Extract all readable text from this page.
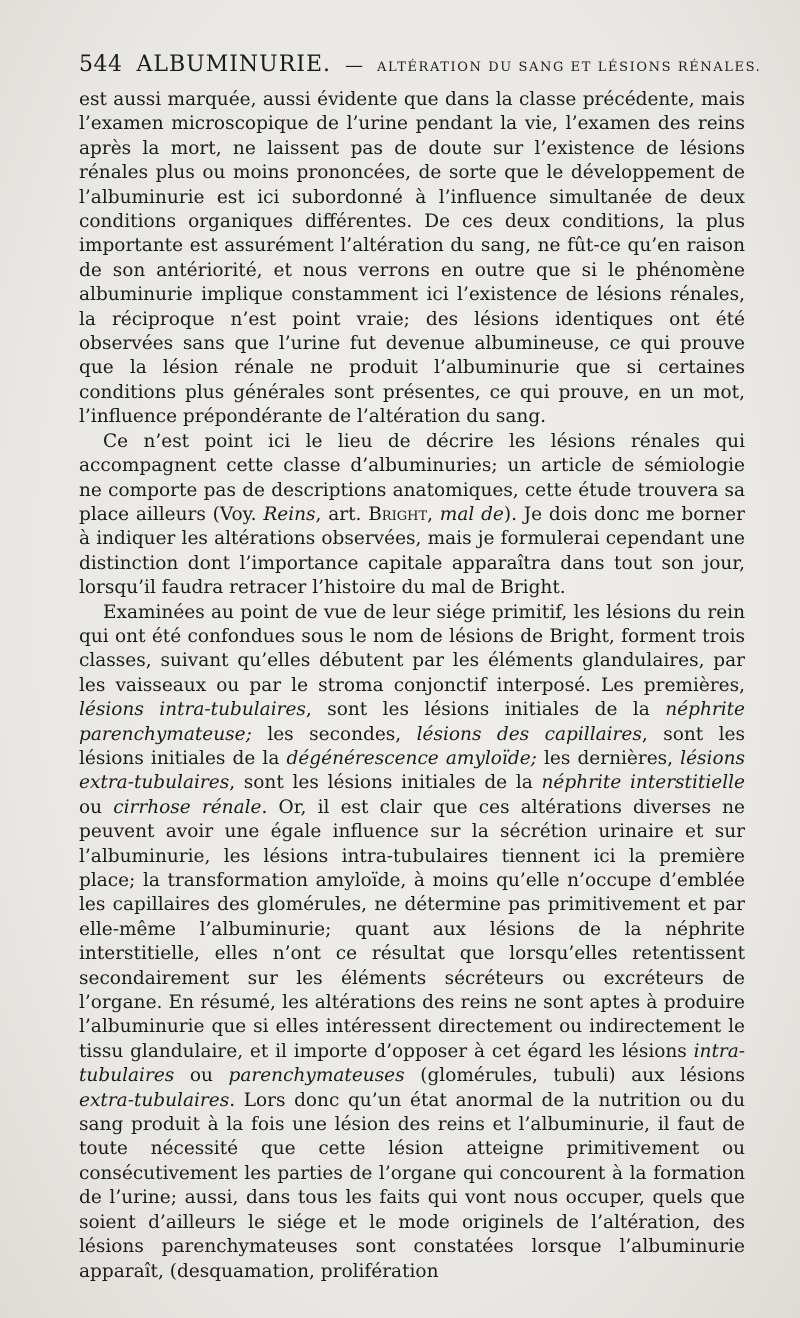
544 ALBUMINURIE. — ALTÉRATION DU SANG ET LÉSIONS RÉNALES.

est aussi marquée, aussi évidente que dans la classe précédente, mais l’examen microscopique de l’urine pendant la vie, l’examen des reins après la mort, ne laissent pas de doute sur l’existence de lésions rénales plus ou moins prononcées, de sorte que le développement de l’albuminurie est ici subordonné à l’influence simultanée de deux conditions organiques différentes. De ces deux conditions, la plus importante est assurément l’altération du sang, ne fût-ce qu’en raison de son antériorité, et nous verrons en outre que si le phénomène albuminurie implique constamment ici l’existence de lésions rénales, la réciproque n’est point vraie; des lésions identiques ont été observées sans que l’urine fut devenue albumineuse, ce qui prouve que la lésion rénale ne produit l’albuminurie que si certaines conditions plus générales sont présentes, ce qui prouve, en un mot, l’influence prépondérante de l’altération du sang.

Ce n’est point ici le lieu de décrire les lésions rénales qui accompagnent cette classe d’albuminuries; un article de sémiologie ne comporte pas de descriptions anatomiques, cette étude trouvera sa place ailleurs (Voy. Reins, art. Bright, mal de). Je dois donc me borner à indiquer les altérations observées, mais je formulerai cependant une distinction dont l’importance capitale apparaîtra dans tout son jour, lorsqu’il faudra retracer l’histoire du mal de Bright.

Examinées au point de vue de leur siége primitif, les lésions du rein qui ont été confondues sous le nom de lésions de Bright, forment trois classes, suivant qu’elles débutent par les éléments glandulaires, par les vaisseaux ou par le stroma conjonctif interposé. Les premières, lésions intra-tubulaires, sont les lésions initiales de la néphrite parenchymateuse; les secondes, lésions des capillaires, sont les lésions initiales de la dégénérescence amyloïde; les dernières, lésions extra-tubulaires, sont les lésions initiales de la néphrite interstitielle ou cirrhose rénale. Or, il est clair que ces altérations diverses ne peuvent avoir une égale influence sur la sécrétion urinaire et sur l’albuminurie, les lésions intra-tubulaires tiennent ici la première place; la transformation amyloïde, à moins qu’elle n’occupe d’emblée les capillaires des glomérules, ne détermine pas primitivement et par elle-même l’albuminurie; quant aux lésions de la néphrite interstitielle, elles n’ont ce résultat que lorsqu’elles retentissent secondairement sur les éléments sécréteurs ou excréteurs de l’organe. En résumé, les altérations des reins ne sont aptes à produire l’albuminurie que si elles intéressent directement ou indirectement le tissu glandulaire, et il importe d’opposer à cet égard les lésions intra-tubulaires ou parenchymateuses (glomérules, tubuli) aux lésions extra-tubulaires. Lors donc qu’un état anormal de la nutrition ou du sang produit à la fois une lésion des reins et l’albuminurie, il faut de toute nécessité que cette lésion atteigne primitivement ou consécutivement les parties de l’organe qui concourent à la formation de l’urine; aussi, dans tous les faits qui vont nous occuper, quels que soient d’ailleurs le siége et le mode originels de l’altération, des lésions parenchymateuses sont constatées lorsque l’albuminurie apparaît, (desquamation, prolifération
